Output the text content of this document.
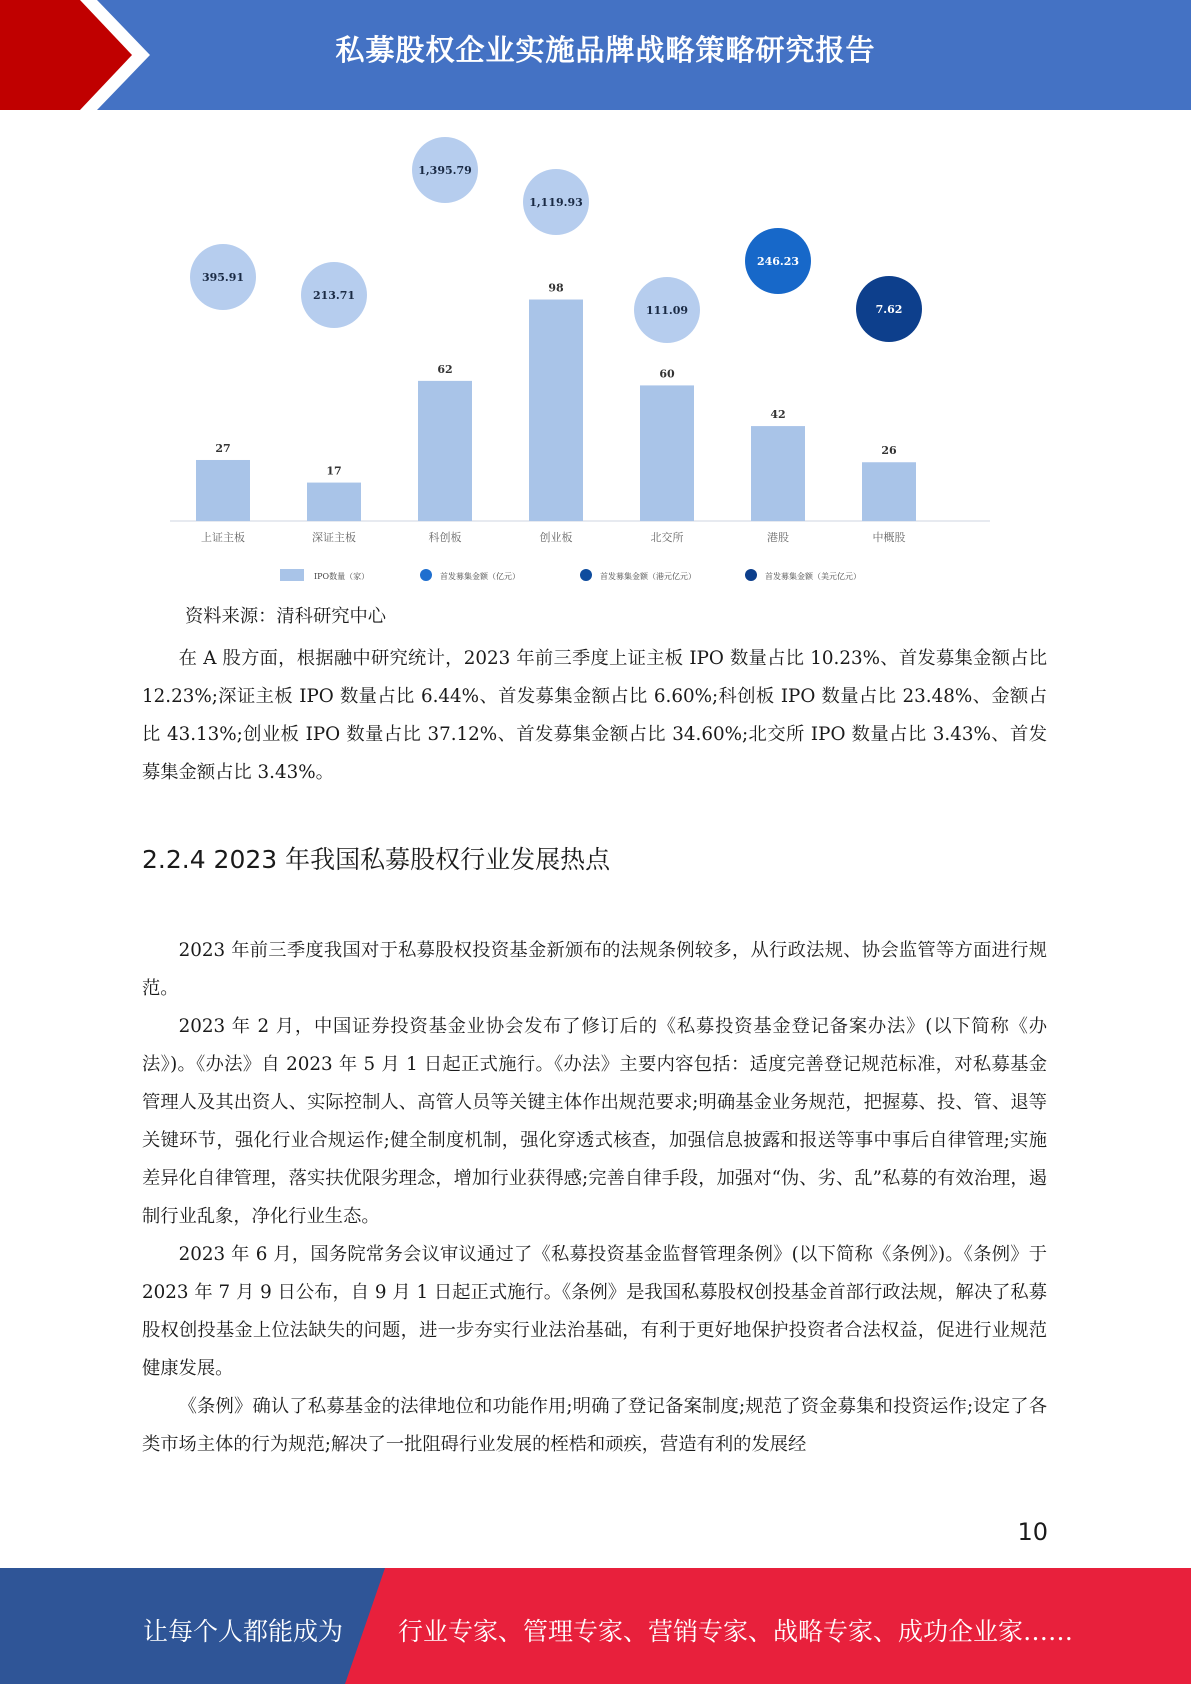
私募股权企业实施品牌战略策略研究报告
27
上证主板
395.91
17
深证主板
213.71
62
科创板
1,395.79
98
创业板
1,119.93
60
北交所
111.09
42
港股
246.23
26
中概股
7.62
IPO数量（家）	首发募集金额（亿元）	首发募集金额（港元亿元）	首发募集金额（美元亿元）
资料来源：清科研究中心

在 A 股方面，根据融中研究统计，2023 年前三季度上证主板 IPO 数量占比 10.23%、首发募集金额占比 12.23%;深证主板 IPO 数量占比 6.44%、首发募集金额占比 6.60%;科创板 IPO 数量占比 23.48%、金额占比 43.13%;创业板 IPO 数量占比 37.12%、首发募集金额占比 34.60%;北交所 IPO 数量占比 3.43%、首发募集金额占比 3.43%。

2.2.4 2023 年我国私募股权行业发展热点

2023 年前三季度我国对于私募股权投资基金新颁布的法规条例较多，从行政法规、协会监管等方面进行规范。

2023 年 2 月，中国证券投资基金业协会发布了修订后的《私募投资基金登记备案办法》(以下简称《办法》)。《办法》自 2023 年 5 月 1 日起正式施行。《办法》主要内容包括：适度完善登记规范标准，对私募基金管理人及其出资人、实际控制人、高管人员等关键主体作出规范要求;明确基金业务规范，把握募、投、管、退等关键环节，强化行业合规运作;健全制度机制，强化穿透式核查，加强信息披露和报送等事中事后自律管理;实施差异化自律管理，落实扶优限劣理念，增加行业获得感;完善自律手段，加强对“伪、劣、乱”私募的有效治理，遏制行业乱象，净化行业生态。

2023 年 6 月，国务院常务会议审议通过了《私募投资基金监督管理条例》(以下简称《条例》)。《条例》于 2023 年 7 月 9 日公布，自 9 月 1 日起正式施行。《条例》是我国私募股权创投基金首部行政法规，解决了私募股权创投基金上位法缺失的问题，进一步夯实行业法治基础，有利于更好地保护投资者合法权益，促进行业规范健康发展。

《条例》确认了私募基金的法律地位和功能作用;明确了登记备案制度;规范了资金募集和投资运作;设定了各类市场主体的行为规范;解决了一批阻碍行业发展的桎梏和顽疾，营造有利的发展经

10
让每个人都能成为 行业专家、管理专家、营销专家、战略专家、成功企业家……
